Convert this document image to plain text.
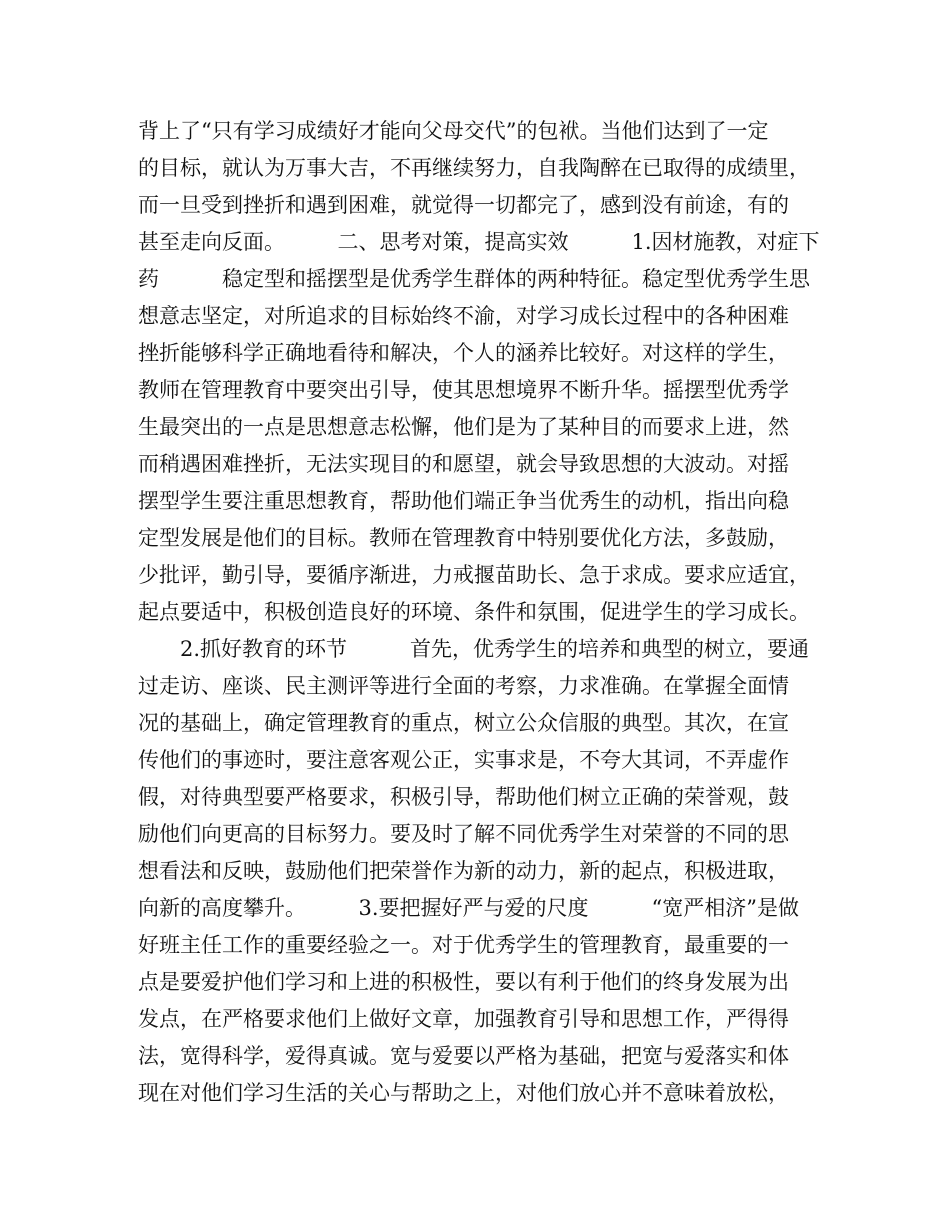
背上了“只有学习成绩好才能向父母交代”的包袱。当他们达到了一定
的目标，就认为万事大吉，不再继续努力，自我陶醉在已取得的成绩里，
而一旦受到挫折和遇到困难，就觉得一切都完了，感到没有前途，有的
甚至走向反面。　　　二、思考对策，提高实效　　　1.因材施教，对症下
药　　　稳定型和摇摆型是优秀学生群体的两种特征。稳定型优秀学生思
想意志坚定，对所追求的目标始终不渝，对学习成长过程中的各种困难
挫折能够科学正确地看待和解决，个人的涵养比较好。对这样的学生，
教师在管理教育中要突出引导，使其思想境界不断升华。摇摆型优秀学
生最突出的一点是思想意志松懈，他们是为了某种目的而要求上进，然
而稍遇困难挫折，无法实现目的和愿望，就会导致思想的大波动。对摇
摆型学生要注重思想教育，帮助他们端正争当优秀生的动机，指出向稳
定型发展是他们的目标。教师在管理教育中特别要优化方法，多鼓励，
少批评，勤引导，要循序渐进，力戒揠苗助长、急于求成。要求应适宜，
起点要适中，积极创造良好的环境、条件和氛围，促进学生的学习成长。
　　2.抓好教育的环节　　　首先，优秀学生的培养和典型的树立，要通
过走访、座谈、民主测评等进行全面的考察，力求准确。在掌握全面情
况的基础上，确定管理教育的重点，树立公众信服的典型。其次，在宣
传他们的事迹时，要注意客观公正，实事求是，不夸大其词，不弄虚作
假，对待典型要严格要求，积极引导，帮助他们树立正确的荣誉观，鼓
励他们向更高的目标努力。要及时了解不同优秀学生对荣誉的不同的思
想看法和反映，鼓励他们把荣誉作为新的动力，新的起点，积极进取，
向新的高度攀升。　　　3.要把握好严与爱的尺度　　　“宽严相济”是做
好班主任工作的重要经验之一。对于优秀学生的管理教育，最重要的一
点是要爱护他们学习和上进的积极性，要以有利于他们的终身发展为出
发点，在严格要求他们上做好文章，加强教育引导和思想工作，严得得
法，宽得科学，爱得真诚。宽与爱要以严格为基础，把宽与爱落实和体
现在对他们学习生活的关心与帮助之上，对他们放心并不意味着放松，
